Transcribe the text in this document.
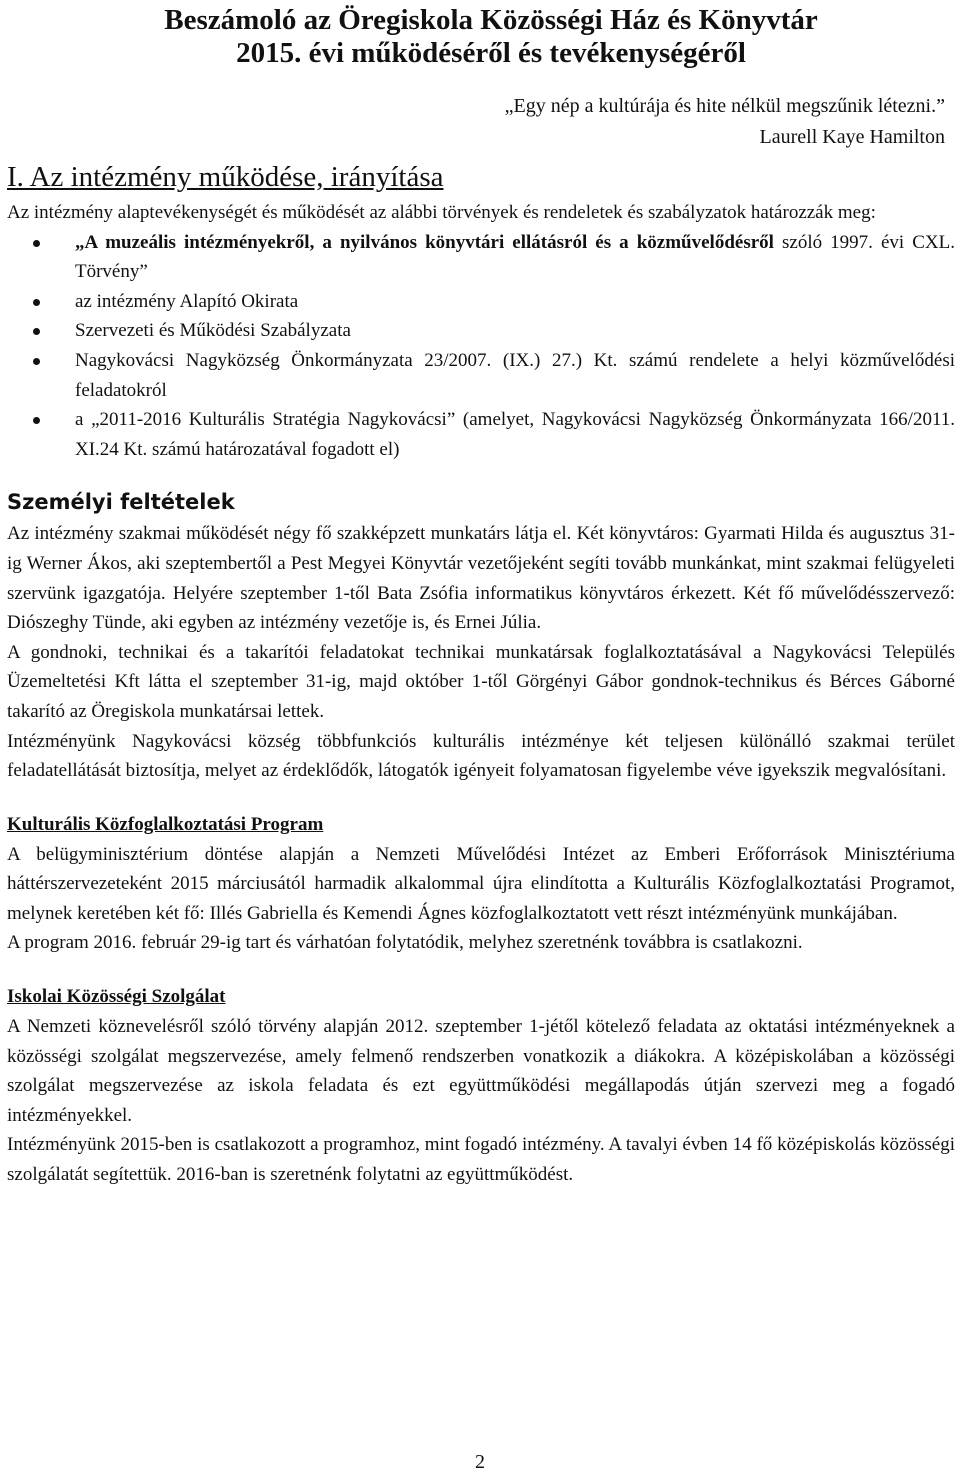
Beszámoló az Öregiskola Közösségi Ház és Könyvtár
2015. évi működéséről és tevékenységéről
„Egy nép a kultúrája és hite nélkül megszűnik létezni.”
Laurell Kaye Hamilton
I. Az intézmény működése, irányítása

Az intézmény alaptevékenységét és működését az alábbi törvények és rendeletek és szabályzatok határozzák meg:

„A muzeális intézményekről, a nyilvános könyvtári ellátásról és a közművelődésről szóló 1997. évi CXL. Törvény”
az intézmény Alapító Okirata
Szervezeti és Működési Szabályzata
Nagykovácsi Nagyközség Önkormányzata 23/2007. (IX.) 27.) Kt. számú rendelete a helyi közművelődési feladatokról
a „2011-2016 Kulturális Stratégia Nagykovácsi” (amelyet, Nagykovácsi Nagyközség Önkormányzata 166/2011. XI.24 Kt. számú határozatával fogadott el)
Személyi feltételek

Az intézmény szakmai működését négy fő szakképzett munkatárs látja el. Két könyvtáros: Gyarmati Hilda és augusztus 31-ig Werner Ákos, aki szeptembertől a Pest Megyei Könyvtár vezetőjeként segíti tovább munkánkat, mint szakmai felügyeleti szervünk igazgatója. Helyére szeptember 1-től Bata Zsófia informatikus könyvtáros érkezett. Két fő művelődésszervező: Diószeghy Tünde, aki egyben az intézmény vezetője is, és Ernei Júlia.

A gondnoki, technikai és a takarítói feladatokat technikai munkatársak foglalkoztatásával a Nagykovácsi Település Üzemeltetési Kft látta el szeptember 31-ig, majd október 1-től Görgényi Gábor gondnok-technikus és Bérces Gáborné takarító az Öregiskola munkatársai lettek.

Intézményünk Nagykovácsi község többfunkciós kulturális intézménye két teljesen különálló szakmai terület feladatellátását biztosítja, melyet az érdeklődők, látogatók igényeit folyamatosan figyelembe véve igyekszik megvalósítani.

Kulturális Közfoglalkoztatási Program

A belügyminisztérium döntése alapján a Nemzeti Művelődési Intézet az Emberi Erőforrások Minisztériuma háttérszervezeteként 2015 márciusától harmadik alkalommal újra elindította a Kulturális Közfoglalkoztatási Programot, melynek keretében két fő: Illés Gabriella és Kemendi Ágnes közfoglalkoztatott vett részt intézményünk munkájában.

A program 2016. február 29-ig tart és várhatóan folytatódik, melyhez szeretnénk továbbra is csatlakozni.

Iskolai Közösségi Szolgálat

A Nemzeti köznevelésről szóló törvény alapján 2012. szeptember 1-jétől kötelező feladata az oktatási intézményeknek a közösségi szolgálat megszervezése, amely felmenő rendszerben vonatkozik a diákokra. A középiskolában a közösségi szolgálat megszervezése az iskola feladata és ezt együttműködési megállapodás útján szervezi meg a fogadó intézményekkel.

Intézményünk 2015-ben is csatlakozott a programhoz, mint fogadó intézmény. A tavalyi évben 14 fő középiskolás közösségi szolgálatát segítettük. 2016-ban is szeretnénk folytatni az együttműködést.

2
